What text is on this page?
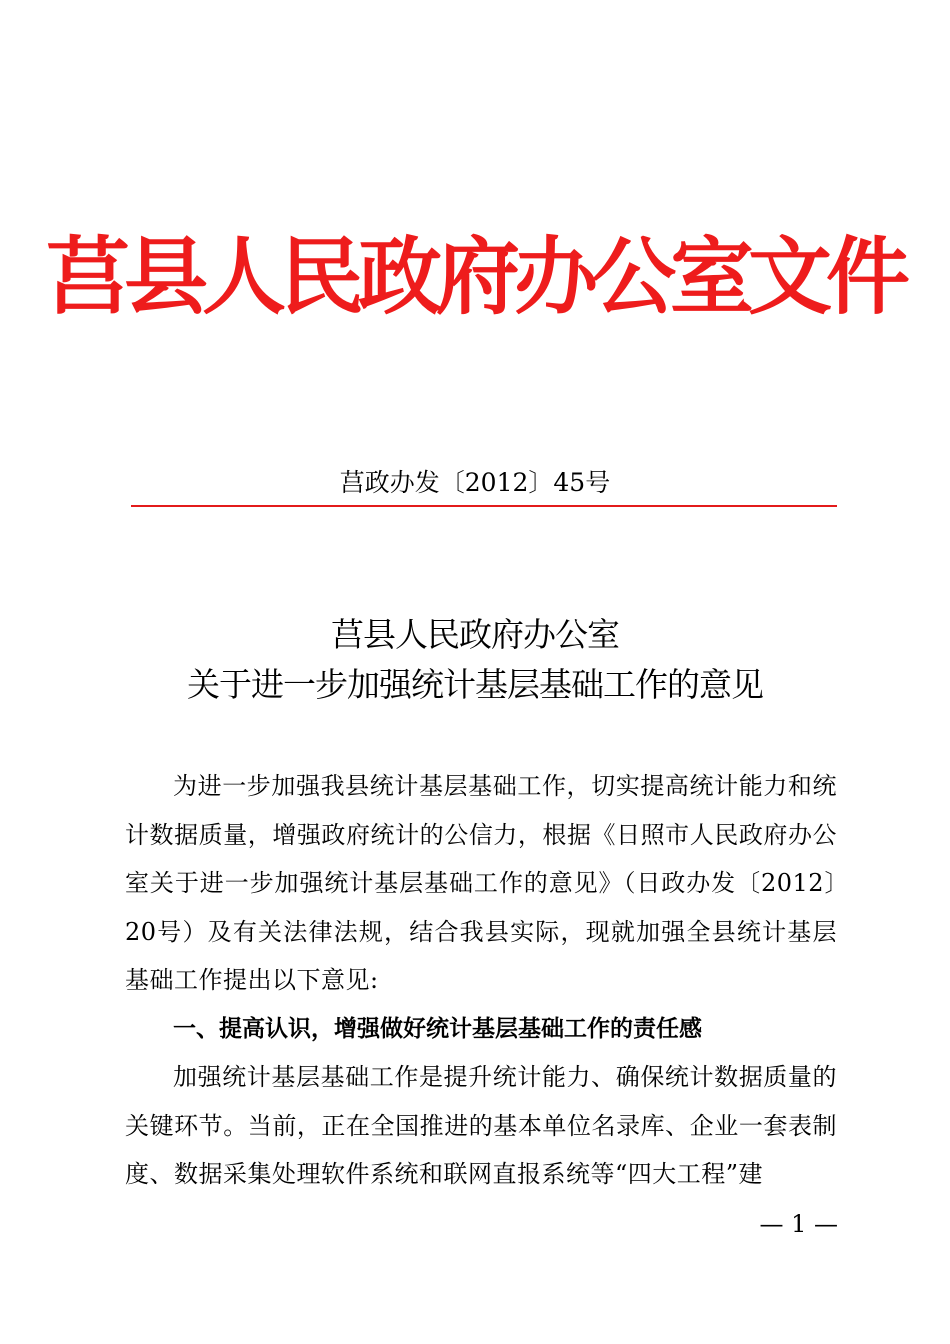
莒县人民政府办公室文件
莒政办发〔2012〕45号
莒县人民政府办公室
关于进一步加强统计基层基础工作的意见

为进一步加强我县统计基层基础工作，切实提高统计能力和统计数据质量，增强政府统计的公信力，根据《日照市人民政府办公室关于进一步加强统计基层基础工作的意见》（日政办发〔2012〕20号）及有关法律法规，结合我县实际，现就加强全县统计基层基础工作提出以下意见:

一、提高认识，增强做好统计基层基础工作的责任感

加强统计基层基础工作是提升统计能力、确保统计数据质量的关键环节。当前，正在全国推进的基本单位名录库、企业一套表制度、数据采集处理软件系统和联网直报系统等“四大工程”建

— 1 —
